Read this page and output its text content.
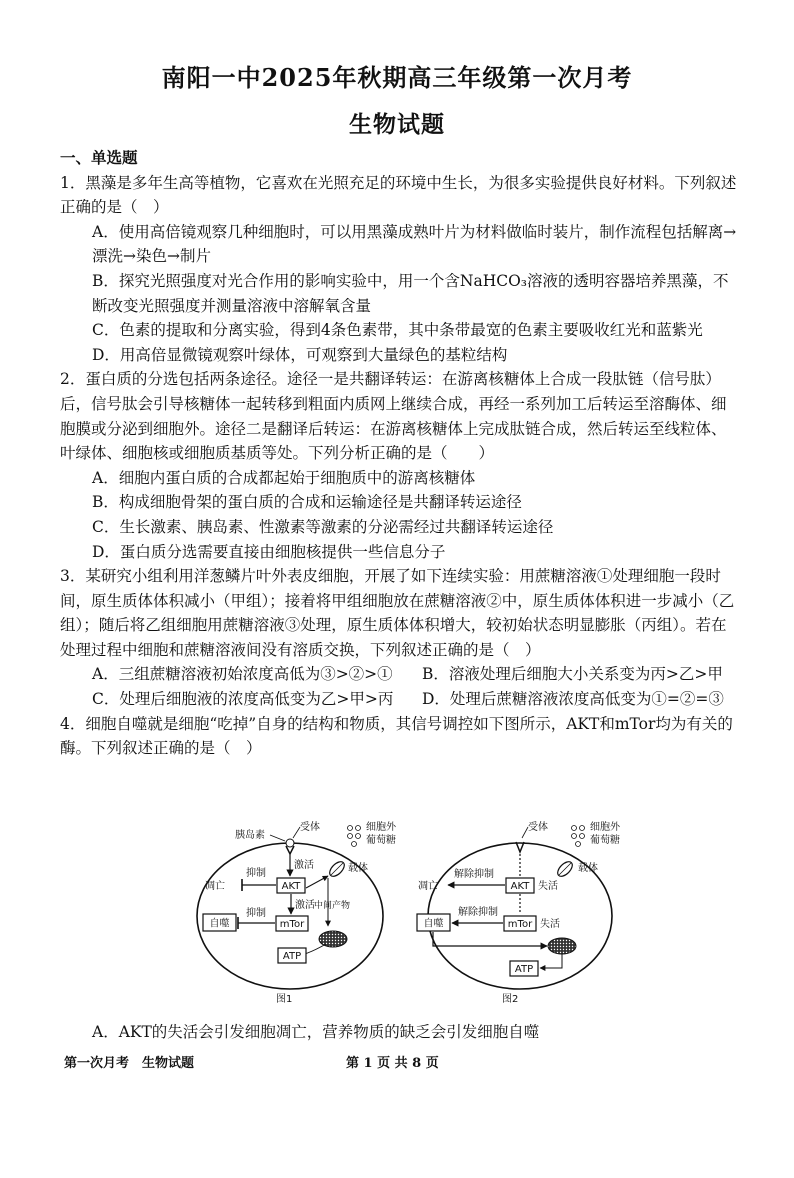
南阳一中2025年秋期高三年级第一次月考
生物试题

一、单选题

1．黑藻是多年生高等植物，它喜欢在光照充足的环境中生长，为很多实验提供良好材料。下列叙述正确的是（　）

A．使用高倍镜观察几种细胞时，可以用黑藻成熟叶片为材料做临时装片，制作流程包括解离→漂洗→染色→制片

B．探究光照强度对光合作用的影响实验中，用一个含NaHCO₃溶液的透明容器培养黑藻，不断改变光照强度并测量溶液中溶解氧含量

C．色素的提取和分离实验，得到4条色素带，其中条带最宽的色素主要吸收红光和蓝紫光

D．用高倍显微镜观察叶绿体，可观察到大量绿色的基粒结构

2．蛋白质的分选包括两条途径。途径一是共翻译转运：在游离核糖体上合成一段肽链（信号肽）后，信号肽会引导核糖体一起转移到粗面内质网上继续合成，再经一系列加工后转运至溶酶体、细胞膜或分泌到细胞外。途径二是翻译后转运：在游离核糖体上完成肽链合成，然后转运至线粒体、叶绿体、细胞核或细胞质基质等处。下列分析正确的是（　　）

A．细胞内蛋白质的合成都起始于细胞质中的游离核糖体

B．构成细胞骨架的蛋白质的合成和运输途径是共翻译转运途径

C．生长激素、胰岛素、性激素等激素的分泌需经过共翻译转运途径

D．蛋白质分选需要直接由细胞核提供一些信息分子

3．某研究小组利用洋葱鳞片叶外表皮细胞，开展了如下连续实验：用蔗糖溶液①处理细胞一段时间，原生质体体积减小（甲组）；接着将甲组细胞放在蔗糖溶液②中，原生质体体积进一步减小（乙组）；随后将乙组细胞用蔗糖溶液③处理，原生质体体积增大，较初始状态明显膨胀（丙组）。若在处理过程中细胞和蔗糖溶液间没有溶质交换，下列叙述正确的是（　）

A．三组蔗糖溶液初始浓度高低为③>②>①	B．溶液处理后细胞大小关系变为丙>乙>甲
C．处理后细胞液的浓度高低变为乙>甲>丙	D．处理后蔗糖溶液浓度高低变为①=②=③

4．细胞自噬就是细胞“吃掉”自身的结构和物质，其信号调控如下图所示，AKT和mTor均为有关的酶。下列叙述正确的是（　）

胰岛素
受体	细胞外
葡萄糖
载体
激活
AKT
抑制
凋亡
激活
mTor
抑制
自噬
中间产物
ATP
图1
受体	细胞外
葡萄糖
载体
AKT 失活
解除抑制
凋亡
mTor 失活
解除抑制
自噬
ATP
图2
A．AKT的失活会引发细胞凋亡，营养物质的缺乏会引发细胞自噬
第一次月考　生物试题	第 1 页 共 8 页
